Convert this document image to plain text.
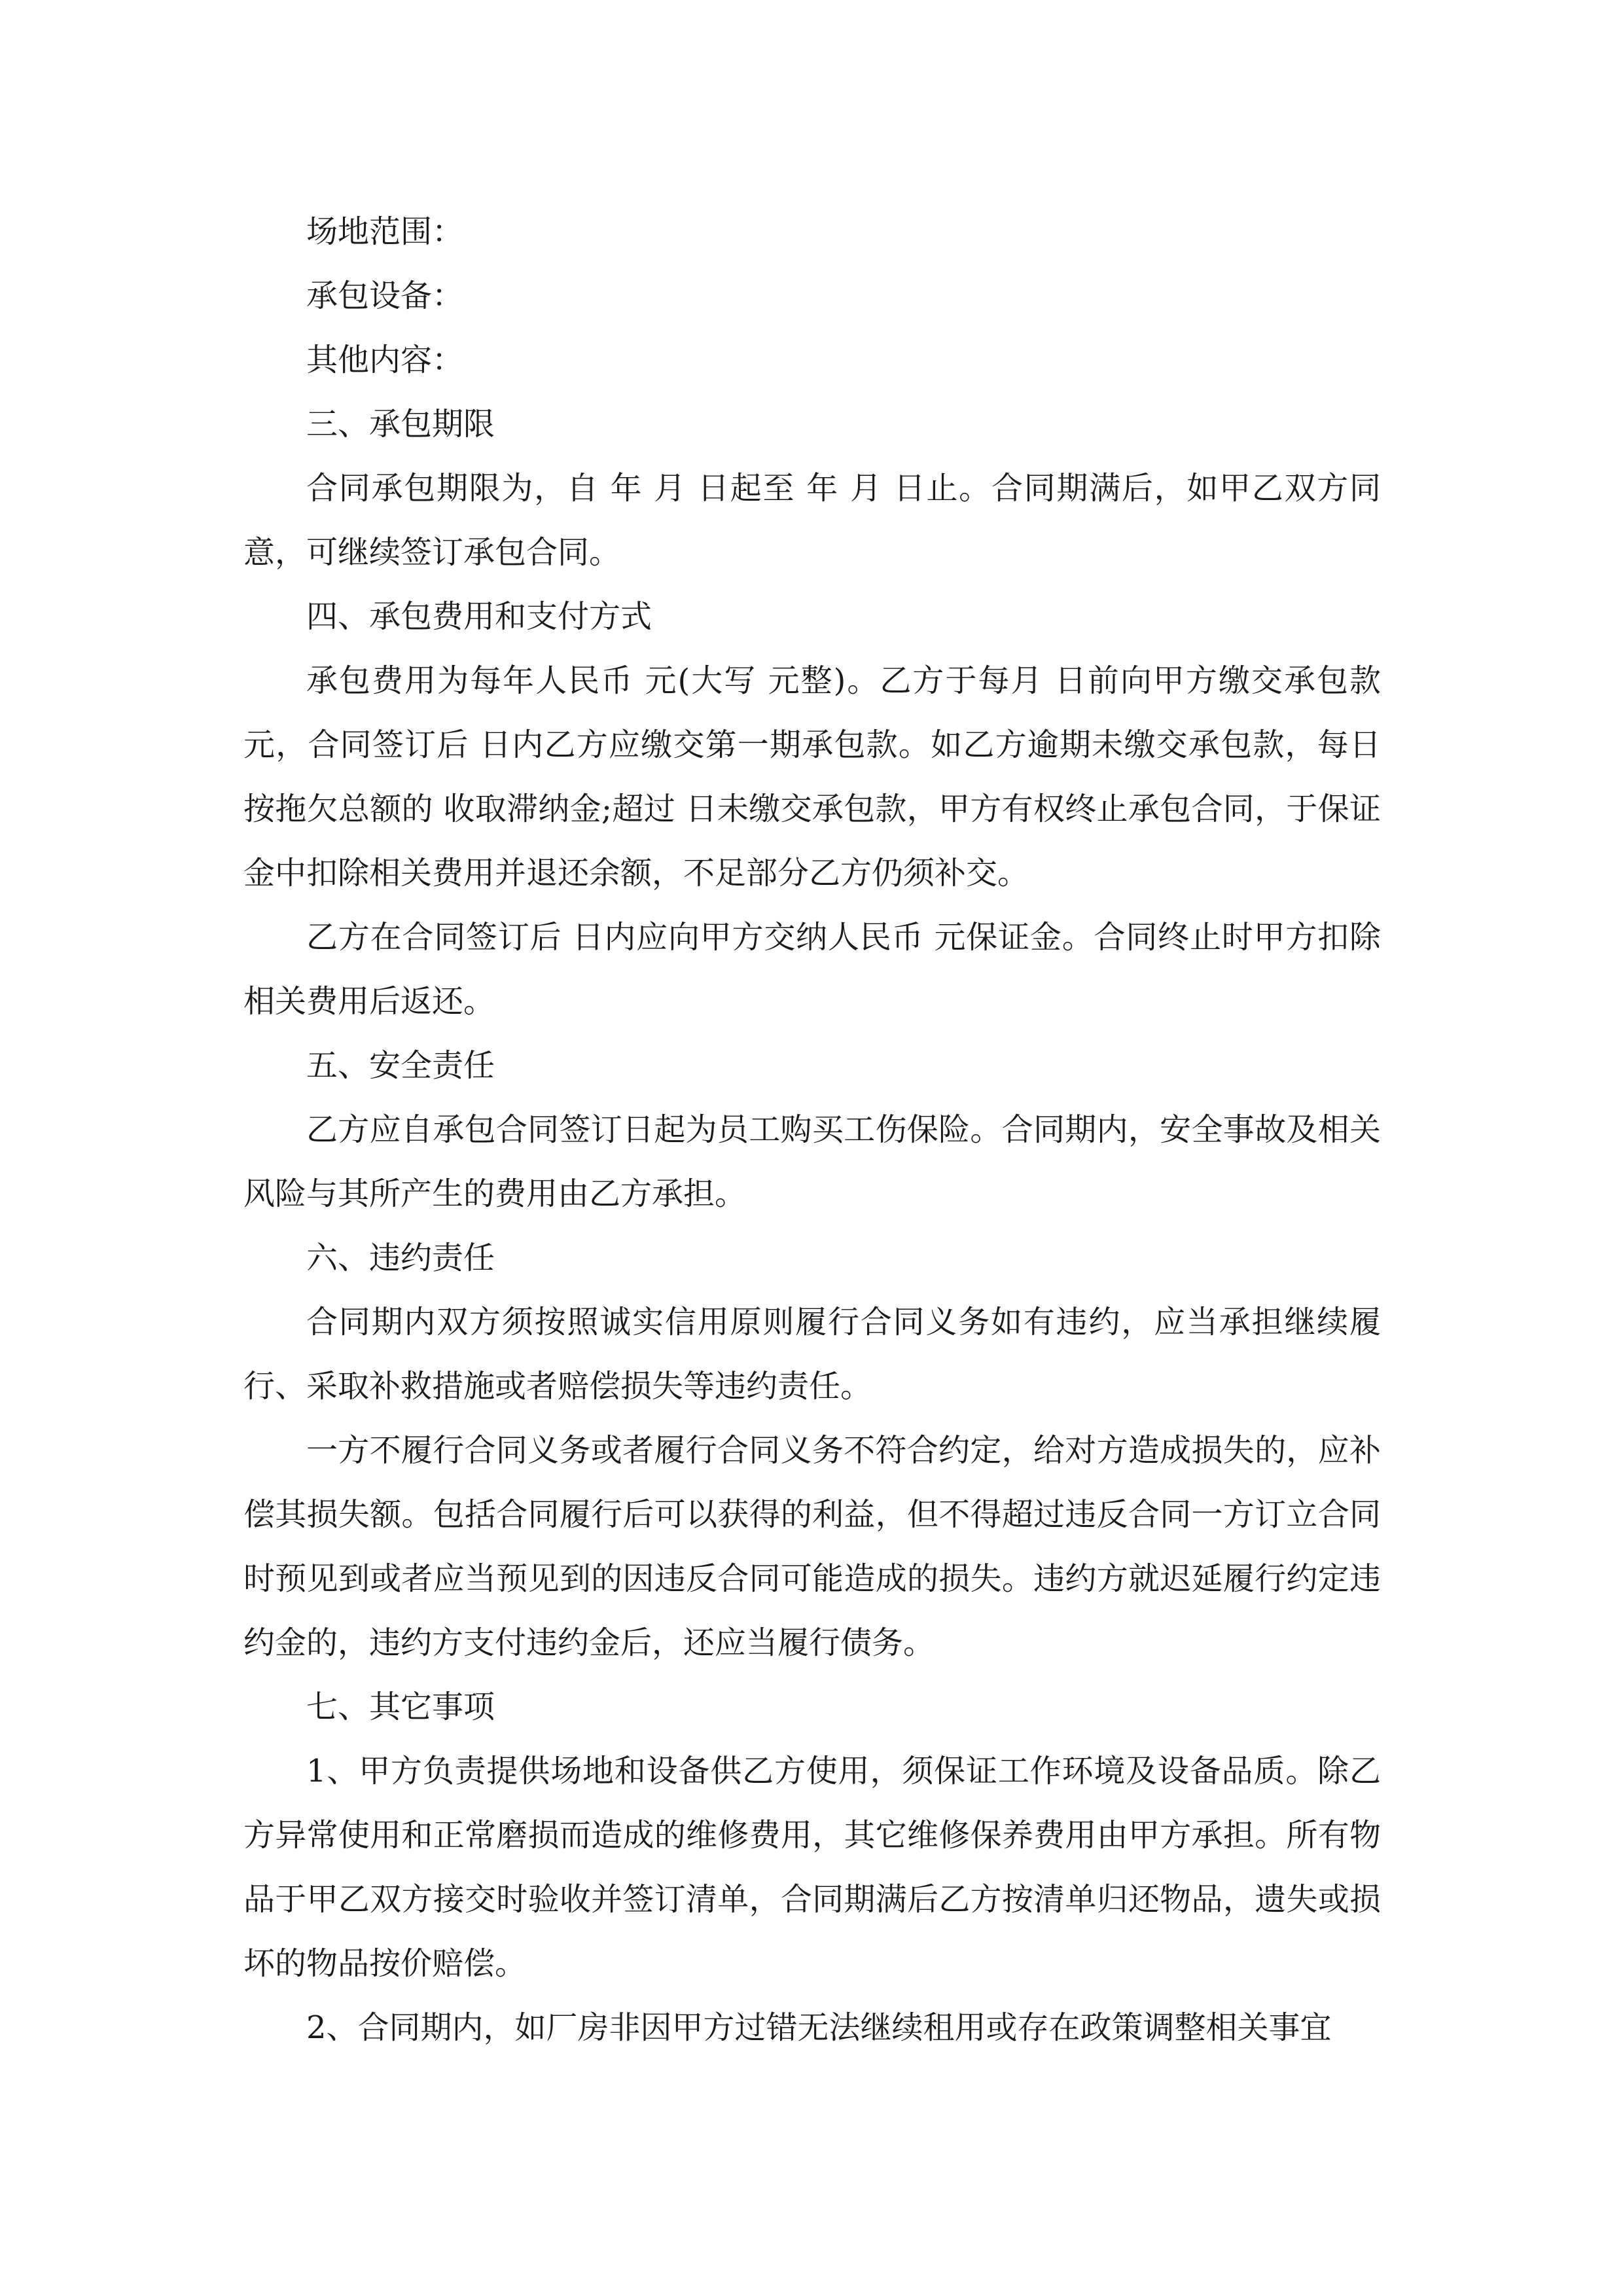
场地范围：

承包设备：

其他内容：

三、承包期限

合同承包期限为，自 年 月 日起至 年 月 日止。合同期满后，如甲乙双方同意，可继续签订承包合同。

四、承包费用和支付方式

承包费用为每年人民币 元(大写 元整)。乙方于每月 日前向甲方缴交承包款 元，合同签订后 日内乙方应缴交第一期承包款。如乙方逾期未缴交承包款，每日按拖欠总额的 收取滞纳金;超过 日未缴交承包款，甲方有权终止承包合同，于保证金中扣除相关费用并退还余额，不足部分乙方仍须补交。

乙方在合同签订后 日内应向甲方交纳人民币 元保证金。合同终止时甲方扣除相关费用后返还。

五、安全责任

乙方应自承包合同签订日起为员工购买工伤保险。合同期内，安全事故及相关风险与其所产生的费用由乙方承担。

六、违约责任

合同期内双方须按照诚实信用原则履行合同义务如有违约，应当承担继续履行、采取补救措施或者赔偿损失等违约责任。

一方不履行合同义务或者履行合同义务不符合约定，给对方造成损失的，应补偿其损失额。包括合同履行后可以获得的利益，但不得超过违反合同一方订立合同时预见到或者应当预见到的因违反合同可能造成的损失。违约方就迟延履行约定违约金的，违约方支付违约金后，还应当履行债务。

七、其它事项

1、甲方负责提供场地和设备供乙方使用，须保证工作环境及设备品质。除乙方异常使用和正常磨损而造成的维修费用，其它维修保养费用由甲方承担。所有物品于甲乙双方接交时验收并签订清单，合同期满后乙方按清单归还物品，遗失或损坏的物品按价赔偿。

2、合同期内，如厂房非因甲方过错无法继续租用或存在政策调整相关事宜
